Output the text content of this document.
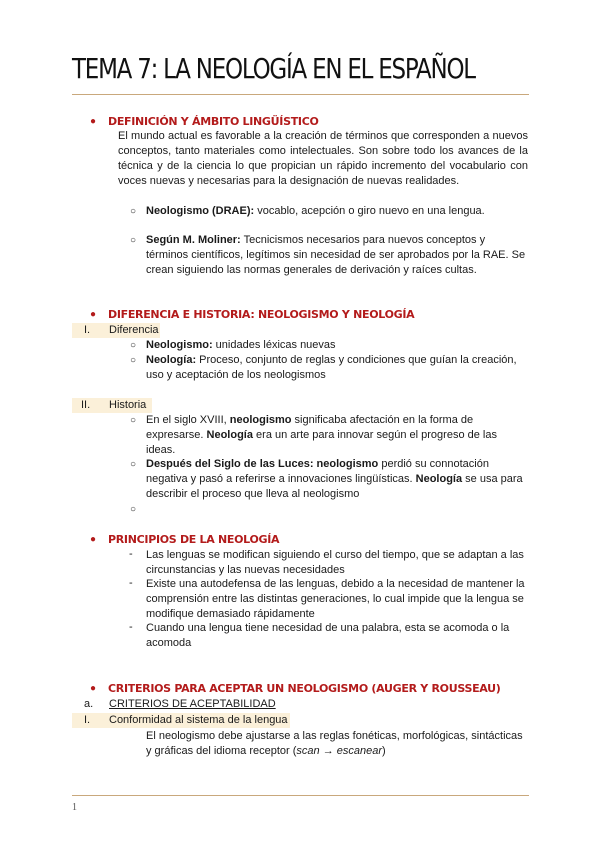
TEMA 7: LA NEOLOGÍA EN EL ESPAÑOL
● DEFINICIÓN Y ÁMBITO LINGÜÍSTICO
El mundo actual es favorable a la creación de términos que corresponden a nuevos conceptos, tanto materiales como intelectuales. Son sobre todo los avances de la técnica y de la ciencia lo que propician un rápido incremento del vocabulario con voces nuevas y necesarias para la designación de nuevas realidades.
○ Neologismo (DRAE): vocablo, acepción o giro nuevo en una lengua.
○ Según M. Moliner: Tecnicismos necesarios para nuevos conceptos y términos científicos, legítimos sin necesidad de ser aprobados por la RAE. Se crean siguiendo las normas generales de derivación y raíces cultas.
● DIFERENCIA E HISTORIA: NEOLOGISMO Y NEOLOGÍA
I. Diferencia
○ Neologismo: unidades léxicas nuevas
○ Neología: Proceso, conjunto de reglas y condiciones que guían la creación, uso y aceptación de los neologismos
II. Historia
○ En el siglo XVIII, neologismo significaba afectación en la forma de expresarse. Neología era un arte para innovar según el progreso de las ideas.
○ Después del Siglo de las Luces: neologismo perdió su connotación negativa y pasó a referirse a innovaciones lingüísticas. Neología se usa para describir el proceso que lleva al neologismo
○
● PRINCIPIOS DE LA NEOLOGÍA
- Las lenguas se modifican siguiendo el curso del tiempo, que se adaptan a las circunstancias y las nuevas necesidades
- Existe una autodefensa de las lenguas, debido a la necesidad de mantener la comprensión entre las distintas generaciones, lo cual impide que la lengua se modifique demasiado rápidamente
- Cuando una lengua tiene necesidad de una palabra, esta se acomoda o la acomoda
● CRITERIOS PARA ACEPTAR UN NEOLOGISMO (AUGER Y ROUSSEAU)
a. CRITERIOS DE ACEPTABILIDAD
I. Conformidad al sistema de la lengua
El neologismo debe ajustarse a las reglas fonéticas, morfológicas, sintácticas y gráficas del idioma receptor (scan → escanear)
1
